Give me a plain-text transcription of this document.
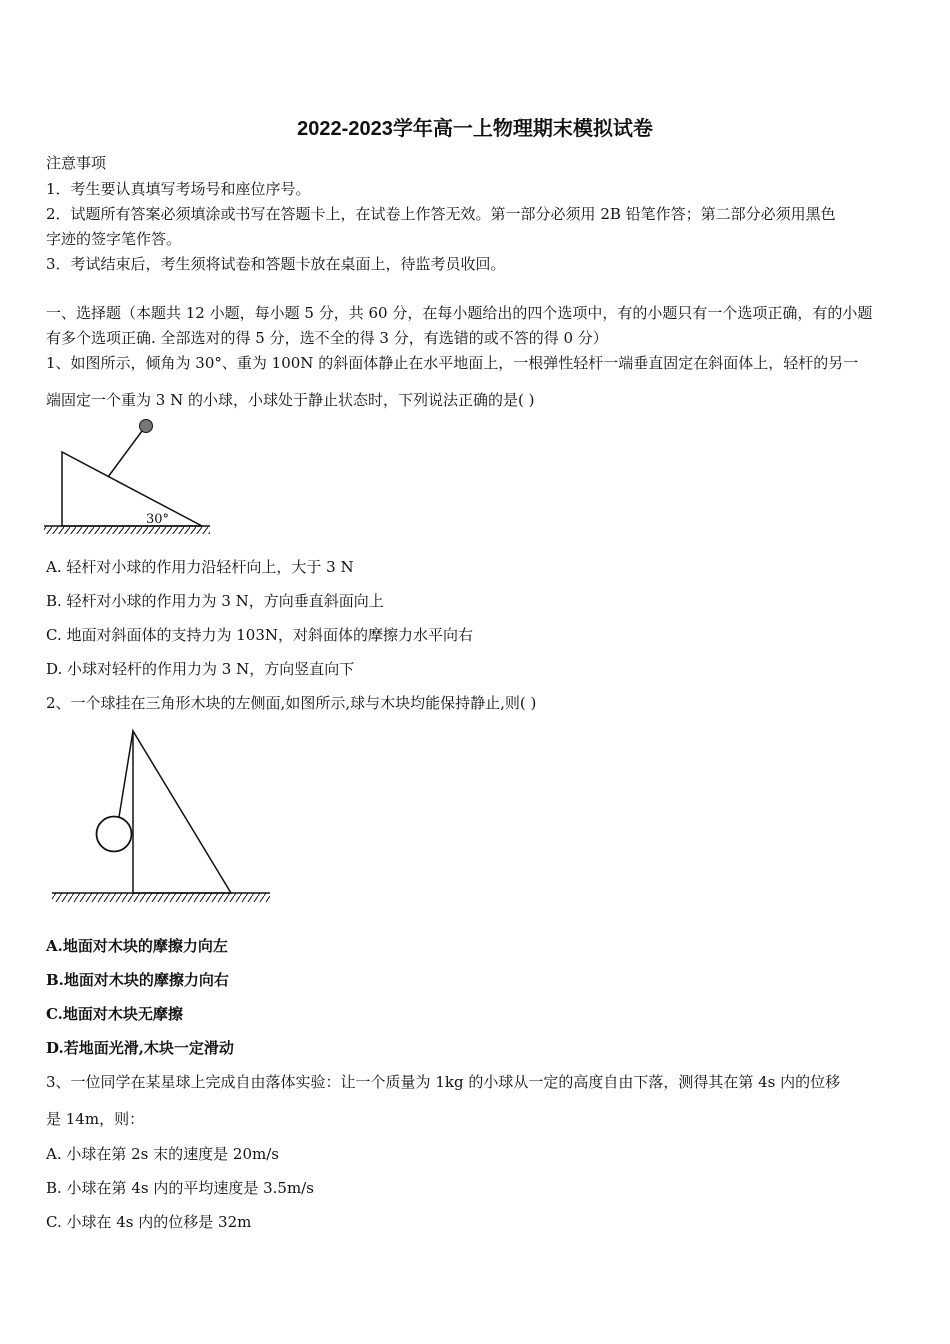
2022-2023学年高一上物理期末模拟试卷
注意事项
1．考生要认真填写考场号和座位序号。
2．试题所有答案必须填涂或书写在答题卡上，在试卷上作答无效。第一部分必须用 2B 铅笔作答；第二部分必须用黑色
字迹的签字笔作答。
3．考试结束后，考生须将试卷和答题卡放在桌面上，待监考员收回。
一、选择题（本题共 12 小题，每小题 5 分，共 60 分，在每小题给出的四个选项中，有的小题只有一个选项正确，有的小题
有多个选项正确. 全部选对的得 5 分，选不全的得 3 分，有选错的或不答的得 0 分）
1、如图所示，倾角为 30°、重为 100N 的斜面体静止在水平地面上，一根弹性轻杆一端垂直固定在斜面体上，轻杆的另一
端固定一个重为 3 N 的小球，小球处于静止状态时，下列说法正确的是( )
30°
A. 轻杆对小球的作用力沿轻杆向上，大于 3 N
B. 轻杆对小球的作用力为 3 N，方向垂直斜面向上
C. 地面对斜面体的支持力为 103N，对斜面体的摩擦力水平向右
D. 小球对轻杆的作用力为 3 N，方向竖直向下
2、一个球挂在三角形木块的左侧面,如图所示,球与木块均能保持静止,则( )
A.地面对木块的摩擦力向左
B.地面对木块的摩擦力向右
C.地面对木块无摩擦
D.若地面光滑,木块一定滑动
3、一位同学在某星球上完成自由落体实验：让一个质量为 1kg 的小球从一定的高度自由下落，测得其在第 4s 内的位移
是 14m，则：
A. 小球在第 2s 末的速度是 20m/s
B. 小球在第 4s 内的平均速度是 3.5m/s
C. 小球在 4s 内的位移是 32m
